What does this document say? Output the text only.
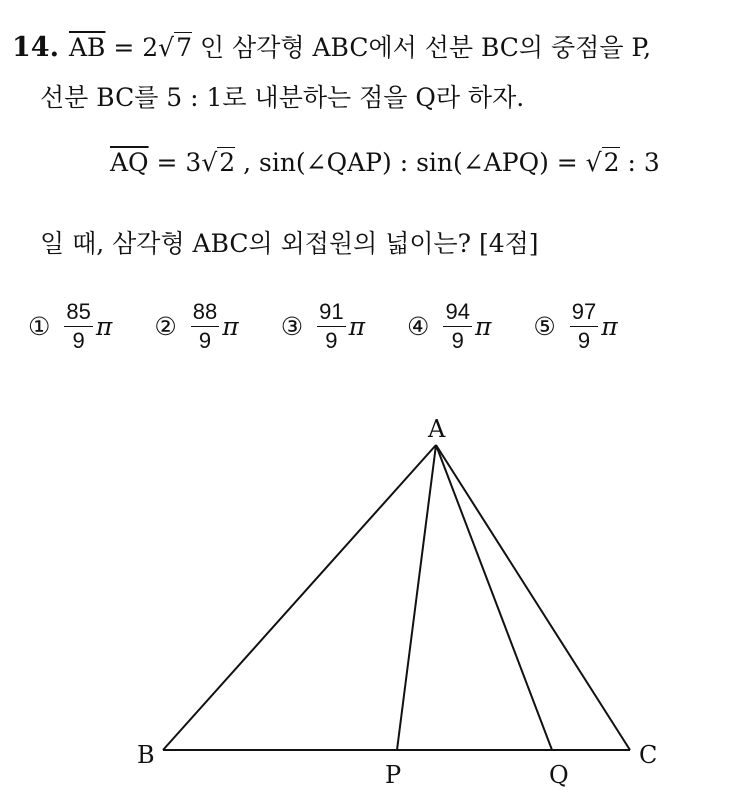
14. $\overline{AB} = 2√7$ 인 삼각형 ABC에서 선분 BC의 중점을 P,
선분 BC를 5 : 1로 내분하는 점을 Q라 하자.
$\overline{AQ} = 3√2$ , sin(∠QAP) : sin(∠APQ) = √2 : 3
일 때, 삼각형 ABC의 외접원의 넓이는? [4점]
① $\frac{85}{9}$ π ② $\frac{88}{9}$ π ③ $\frac{91}{9}$ π ④ $\frac{94}{9}$ π ⑤ $\frac{97}{9}$ π
A
B	C
P	Q
